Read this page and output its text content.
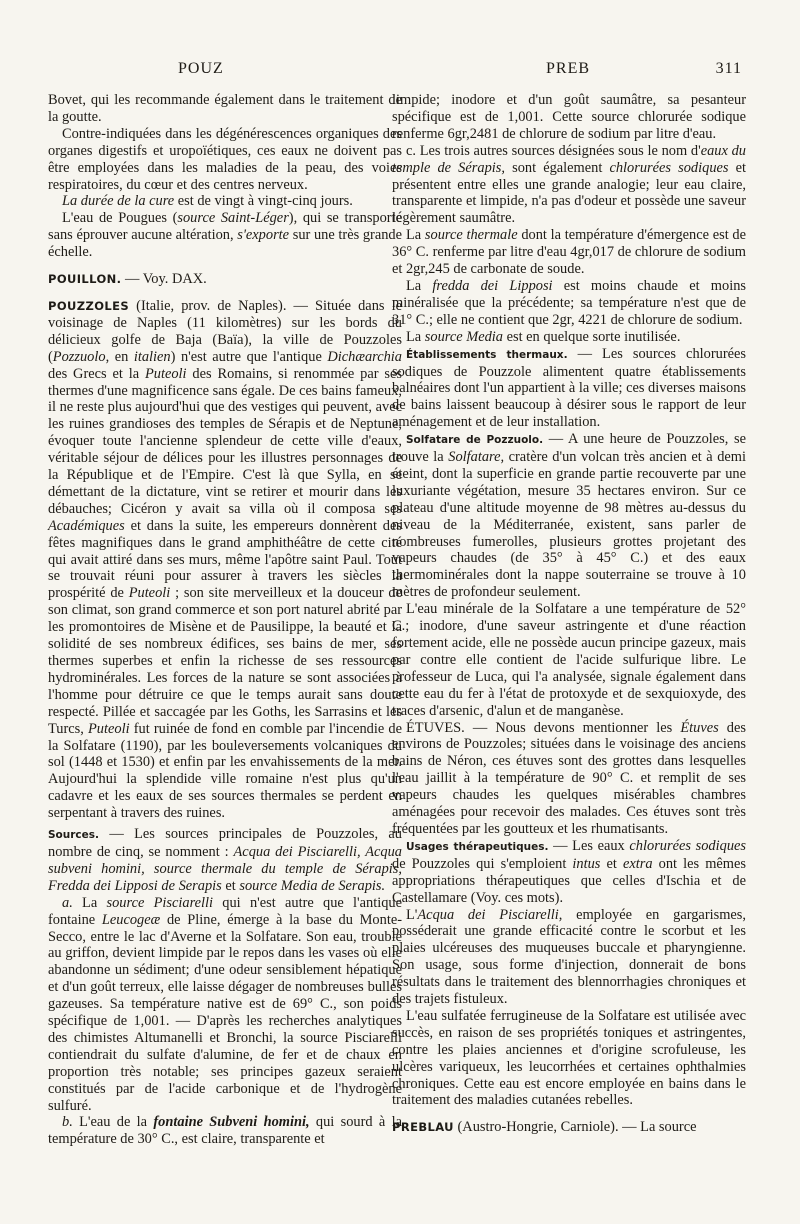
POUZ	PREB	311

Bovet, qui les recommande également dans le traitement de la goutte.

Contre-indiquées dans les dégénérescences organiques des organes digestifs et uropoïétiques, ces eaux ne doivent pas être employées dans les maladies de la peau, des voies respiratoires, du cœur et des centres nerveux.

La durée de la cure est de vingt à vingt-cinq jours.

L'eau de Pougues (source Saint-Léger), qui se transporte sans éprouver aucune altération, s'exporte sur une très grande échelle.

POUILLON. — Voy. DAX.

POUZZOLES (Italie, prov. de Naples). — Située dans le voisinage de Naples (11 kilomètres) sur les bords du délicieux golfe de Baja (Baïa), la ville de Pouzzoles (Pozzuolo, en italien) n'est autre que l'antique Dichæarchia des Grecs et la Puteoli des Romains, si renommée par ses thermes d'une magnificence sans égale. De ces bains fameux, il ne reste plus aujourd'hui que des vestiges qui peuvent, avec les ruines grandioses des temples de Sérapis et de Neptune, évoquer toute l'ancienne splendeur de cette ville d'eaux, véritable séjour de délices pour les illustres personnages de la République et de l'Empire. C'est là que Sylla, en se démettant de la dictature, vint se retirer et mourir dans les débauches; Cicéron y avait sa villa où il composa ses Académiques et dans la suite, les empereurs donnèrent des fêtes magnifiques dans le grand amphithéâtre de cette cité qui avait attiré dans ses murs, même l'apôtre saint Paul. Tout se trouvait réuni pour assurer à travers les siècles la prospérité de Puteoli ; son site merveilleux et la douceur de son climat, son grand commerce et son port naturel abrité par les promontoires de Misène et de Pausilippe, la beauté et la solidité de ses nombreux édifices, ses bains de mer, ses thermes superbes et enfin la richesse de ses ressources hydrominérales. Les forces de la nature se sont associées à l'homme pour détruire ce que le temps aurait sans doute respecté. Pillée et saccagée par les Goths, les Sarrasins et les Turcs, Puteoli fut ruinée de fond en comble par l'incendie de la Solfatare (1190), par les bouleversements volcaniques du sol (1448 et 1530) et enfin par les envahissements de la mer. Aujourd'hui la splendide ville romaine n'est plus qu'un cadavre et les eaux de ses sources thermales se perdent en serpentant à travers des ruines.

Sources. — Les sources principales de Pouzzoles, au nombre de cinq, se nomment : Acqua dei Pisciarelli, Acqua subveni homini, source thermale du temple de Sérapis, Fredda dei Lipposi de Serapis et source Media de Serapis.

a. La source Pisciarelli qui n'est autre que l'antique fontaine Leucogeæ de Pline, émerge à la base du Monte-Secco, entre le lac d'Averne et la Solfatare. Son eau, trouble au griffon, devient limpide par le repos dans les vases où elle abandonne un sédiment; d'une odeur sensiblement hépatique et d'un goût terreux, elle laisse dégager de nombreuses bulles gazeuses. Sa température native est de 69° C., son poids spécifique de 1,001. — D'après les recherches analytiques des chimistes Altumanelli et Bronchi, la source Pisciarelli contiendrait du sulfate d'alumine, de fer et de chaux en proportion très notable; ses principes gazeux seraient constitués par de l'acide carbonique et de l'hydrogène sulfuré.

b. L'eau de la fontaine Subveni homini, qui sourd à la température de 30° C., est claire, transparente et

limpide; inodore et d'un goût saumâtre, sa pesanteur spécifique est de 1,001. Cette source chlorurée sodique renferme 6gr,2481 de chlorure de sodium par litre d'eau.

c. Les trois autres sources désignées sous le nom d'eaux du temple de Sérapis, sont également chlorurées sodiques et présentent entre elles une grande analogie; leur eau claire, transparente et limpide, n'a pas d'odeur et possède une saveur légèrement saumâtre.

La source thermale dont la température d'émergence est de 36° C. renferme par litre d'eau 4gr,017 de chlorure de sodium et 2gr,245 de carbonate de soude.

La fredda dei Lipposi est moins chaude et moins minéralisée que la précédente; sa température n'est que de 31° C.; elle ne contient que 2gr, 4221 de chlorure de sodium.

La source Media est en quelque sorte inutilisée.

Établissements thermaux. — Les sources chlorurées sodiques de Pouzzole alimentent quatre établissements balnéaires dont l'un appartient à la ville; ces diverses maisons de bains laissent beaucoup à désirer sous le rapport de leur aménagement et de leur installation.

Solfatare de Pozzuolo. — A une heure de Pouzzoles, se trouve la Solfatare, cratère d'un volcan très ancien et à demi éteint, dont la superficie en grande partie recouverte par une luxuriante végétation, mesure 35 hectares environ. Sur ce plateau d'une altitude moyenne de 98 mètres au-dessus du niveau de la Méditerranée, existent, sans parler de nombreuses fumerolles, plusieurs grottes projetant des vapeurs chaudes (de 35° à 45° C.) et des eaux thermominérales dont la nappe souterraine se trouve à 10 mètres de profondeur seulement.

L'eau minérale de la Solfatare a une température de 52° C.; inodore, d'une saveur astringente et d'une réaction fortement acide, elle ne possède aucun principe gazeux, mais par contre elle contient de l'acide sulfurique libre. Le professeur de Luca, qui l'a analysée, signale également dans cette eau du fer à l'état de protoxyde et de sexquioxyde, des traces d'arsenic, d'alun et de manganèse.

ÉTUVES. — Nous devons mentionner les Étuves des environs de Pouzzoles; situées dans le voisinage des anciens bains de Néron, ces étuves sont des grottes dans lesquelles l'eau jaillit à la température de 90° C. et remplit de ses vapeurs chaudes les quelques misérables chambres aménagées pour recevoir des malades. Ces étuves sont très fréquentées par les goutteux et les rhumatisants.

Usages thérapeutiques. — Les eaux chlorurées sodiques de Pouzzoles qui s'emploient intus et extra ont les mêmes appropriations thérapeutiques que celles d'Ischia et de Castellamare (Voy. ces mots).

L'Acqua dei Pisciarelli, employée en gargarismes, posséderait une grande efficacité contre le scorbut et les plaies ulcéreuses des muqueuses buccale et pharyngienne. Son usage, sous forme d'injection, donnerait de bons résultats dans le traitement des blennorrhagies chroniques et des trajets fistuleux.

L'eau sulfatée ferrugineuse de la Solfatare est utilisée avec succès, en raison de ses propriétés toniques et astringentes, contre les plaies anciennes et d'origine scrofuleuse, les ulcères variqueux, les leucorrhées et certaines ophthalmies chroniques. Cette eau est encore employée en bains dans le traitement des maladies cutanées rebelles.

PREBLAU (Austro-Hongrie, Carniole). — La source
